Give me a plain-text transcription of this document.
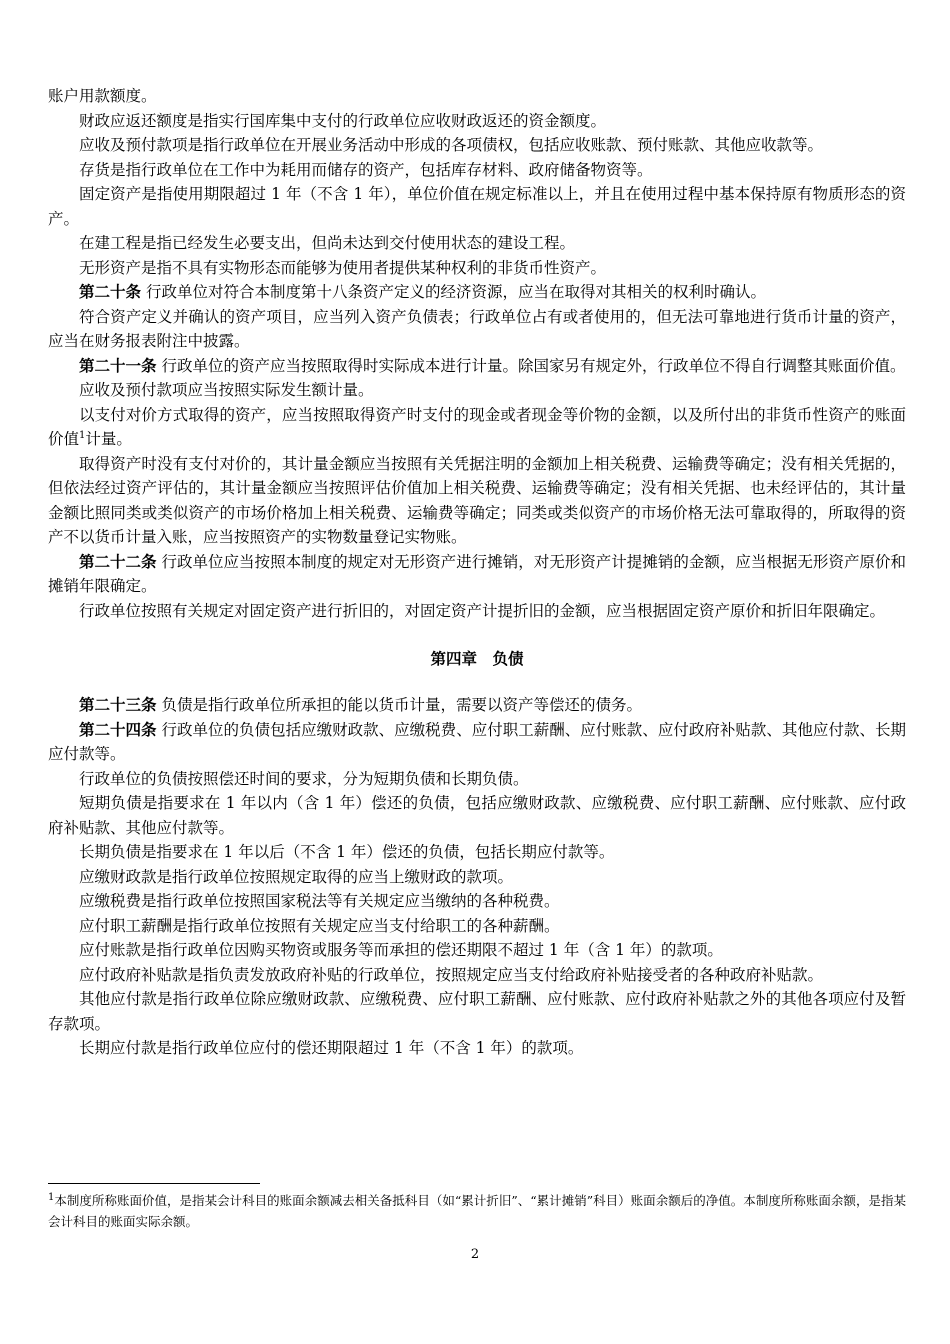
账户用款额度。

财政应返还额度是指实行国库集中支付的行政单位应收财政返还的资金额度。

应收及预付款项是指行政单位在开展业务活动中形成的各项债权，包括应收账款、预付账款、其他应收款等。

存货是指行政单位在工作中为耗用而储存的资产，包括库存材料、政府储备物资等。

固定资产是指使用期限超过 1 年（不含 1 年），单位价值在规定标准以上，并且在使用过程中基本保持原有物质形态的资产。

在建工程是指已经发生必要支出，但尚未达到交付使用状态的建设工程。

无形资产是指不具有实物形态而能够为使用者提供某种权利的非货币性资产。

第二十条 行政单位对符合本制度第十八条资产定义的经济资源，应当在取得对其相关的权利时确认。

符合资产定义并确认的资产项目，应当列入资产负债表；行政单位占有或者使用的，但无法可靠地进行货币计量的资产，应当在财务报表附注中披露。

第二十一条 行政单位的资产应当按照取得时实际成本进行计量。除国家另有规定外，行政单位不得自行调整其账面价值。

应收及预付款项应当按照实际发生额计量。

以支付对价方式取得的资产，应当按照取得资产时支付的现金或者现金等价物的金额，以及所付出的非货币性资产的账面价值$^1$计量。

取得资产时没有支付对价的，其计量金额应当按照有关凭据注明的金额加上相关税费、运输费等确定；没有相关凭据的，但依法经过资产评估的，其计量金额应当按照评估价值加上相关税费、运输费等确定；没有相关凭据、也未经评估的，其计量金额比照同类或类似资产的市场价格加上相关税费、运输费等确定；同类或类似资产的市场价格无法可靠取得的，所取得的资产不以货币计量入账，应当按照资产的实物数量登记实物账。

第二十二条 行政单位应当按照本制度的规定对无形资产进行摊销，对无形资产计提摊销的金额，应当根据无形资产原价和摊销年限确定。

行政单位按照有关规定对固定资产进行折旧的，对固定资产计提折旧的金额，应当根据固定资产原价和折旧年限确定。

第四章　负债

第二十三条 负债是指行政单位所承担的能以货币计量，需要以资产等偿还的债务。

第二十四条 行政单位的负债包括应缴财政款、应缴税费、应付职工薪酬、应付账款、应付政府补贴款、其他应付款、长期应付款等。

行政单位的负债按照偿还时间的要求，分为短期负债和长期负债。

短期负债是指要求在 1 年以内（含 1 年）偿还的负债，包括应缴财政款、应缴税费、应付职工薪酬、应付账款、应付政府补贴款、其他应付款等。

长期负债是指要求在 1 年以后（不含 1 年）偿还的负债，包括长期应付款等。

应缴财政款是指行政单位按照规定取得的应当上缴财政的款项。

应缴税费是指行政单位按照国家税法等有关规定应当缴纳的各种税费。

应付职工薪酬是指行政单位按照有关规定应当支付给职工的各种薪酬。

应付账款是指行政单位因购买物资或服务等而承担的偿还期限不超过 1 年（含 1 年）的款项。

应付政府补贴款是指负责发放政府补贴的行政单位，按照规定应当支付给政府补贴接受者的各种政府补贴款。

其他应付款是指行政单位除应缴财政款、应缴税费、应付职工薪酬、应付账款、应付政府补贴款之外的其他各项应付及暂存款项。

长期应付款是指行政单位应付的偿还期限超过 1 年（不含 1 年）的款项。

$^1$本制度所称账面价值，是指某会计科目的账面余额减去相关备抵科目（如“累计折旧”、“累计摊销”科目）账面余额后的净值。本制度所称账面余额，是指某会计科目的账面实际余额。

2
